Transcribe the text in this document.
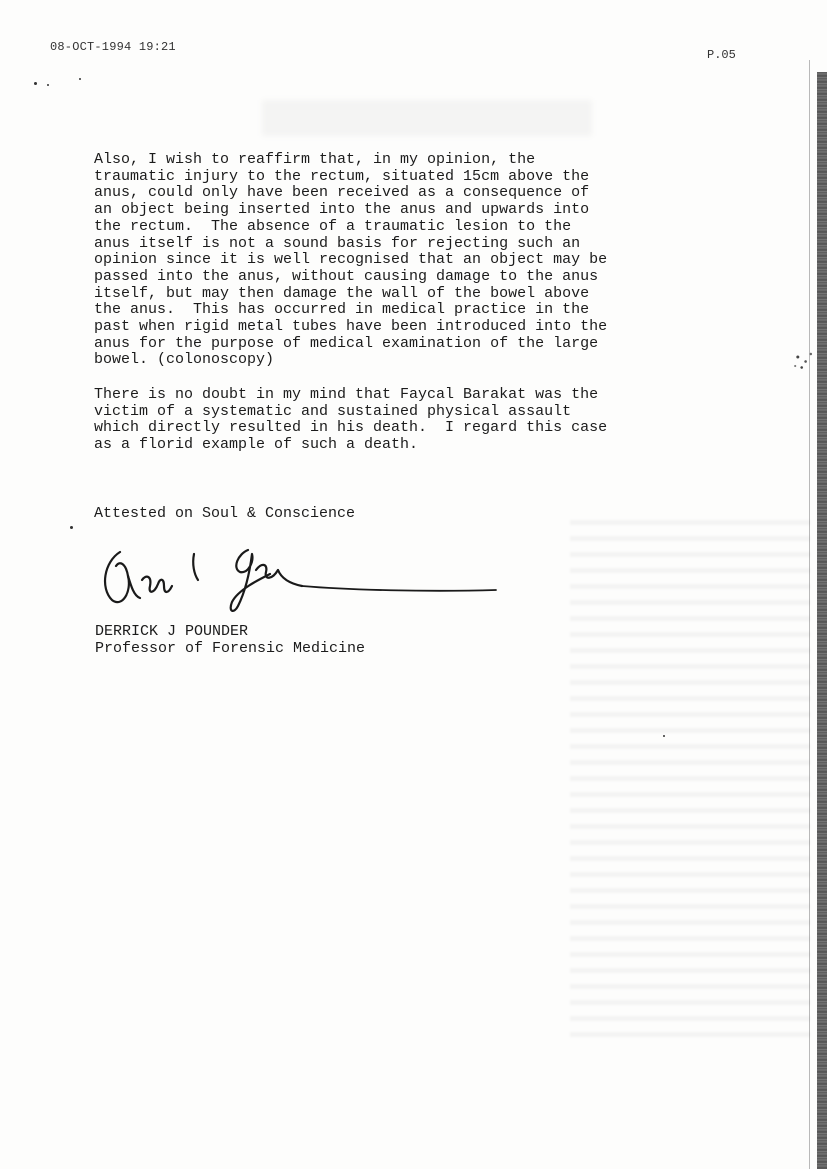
08-OCT-1994 19:21

P.05

Also, I wish to reaffirm that, in my opinion, the
traumatic injury to the rectum, situated 15cm above the
anus, could only have been received as a consequence of
an object being inserted into the anus and upwards into
the rectum.  The absence of a traumatic lesion to the
anus itself is not a sound basis for rejecting such an
opinion since it is well recognised that an object may be
passed into the anus, without causing damage to the anus
itself, but may then damage the wall of the bowel above
the anus.  This has occurred in medical practice in the
past when rigid metal tubes have been introduced into the
anus for the purpose of medical examination of the large
bowel. (colonoscopy)

There is no doubt in my mind that Faycal Barakat was the
victim of a systematic and sustained physical assault
which directly resulted in his death.  I regard this case
as a florid example of such a death.

Attested on Soul & Conscience

DERRICK J POUNDER

Professor of Forensic Medicine
